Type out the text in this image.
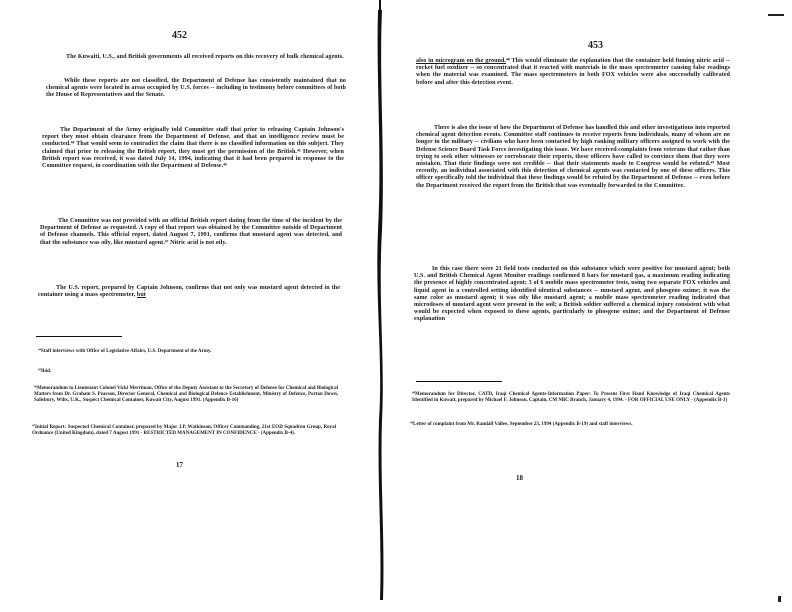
452

The Kuwaiti, U.S., and British governments all received reports on this recovery of bulk chemical agents.

While these reports are not classified, the Department of Defense has consistently maintained that no chemical agents were located in areas occupied by U.S. forces -- including in testimony before committees of both the House of Representatives and the Senate.

The Department of the Army originally told Committee staff that prior to releasing Captain Johnson's report they must obtain clearance from the Department of Defense, and that an intelligence review must be conducted.⁴⁴ That would seem to contradict the claim that there is no classified information on this subject. They claimed that prior to releasing the British report, they must get the permission of the British.⁴⁵ However, when British report was received, it was dated July 14, 1994, indicating that it had been prepared in response to the Committee request, in coordination with the Department of Defense.⁴⁶

The Committee was not provided with an official British report dating from the time of the incident by the Department of Defense as requested. A copy of that report was obtained by the Committee outside of Department of Defense channels. This official report, dated August 7, 1991, confirms that mustard agent was detected, and that the substance was oily, like mustard agent.⁴⁷ Nitric acid is not oily.

The U.S. report, prepared by Captain Johnson, confirms that not only was mustard agent detected in the container using a mass spectrometer, but

⁴⁴Staff interviews with Office of Legislative Affairs, U.S. Department of the Army.

⁴⁵Ibid.

⁴⁶Memorandum to Lieutenant Colonel Vicki Merriman, Office of the Deputy Assistant to the Secretary of Defense for Chemical and Biological Matters from Dr. Graham S. Pearson, Director General, Chemical and Biological Defence Establishment, Ministry of Defence, Porton Down, Salisbury, Wilts, U.K., Suspect Chemical Container, Kuwait City, August 1991. (Appendix B-16)

⁴⁷Initial Report: Suspected Chemical Container, prepared by Major J.P. Watkinson, Officer Commanding, 21st EOD Squadron Group, Royal Ordnance (United Kingdom), dated 7 August 1991 - RESTRICTED MANAGEMENT IN CONFIDENCE - (Appendix B-4).

17
453

also in microgram on the ground.⁴⁸ This would eliminate the explanation that the container held fuming nitric acid -- rocket fuel oxidizer -- so concentrated that it reacted with materials in the mass spectrometer causing false readings when the material was examined. The mass spectrometers in both FOX vehicles were also successfully calibrated before and after this detection event.

There is also the issue of how the Department of Defense has handled this and other investigations into reported chemical agent detection events. Committee staff continues to receive reports from individuals, many of whom are no longer in the military -- civilians who have been contacted by high ranking military officers assigned to work with the Defense Science Board Task Force investigating this issue. We have received complaints from veterans that rather than trying to seek other witnesses or corroborate their reports, these officers have called to convince them that they were mistaken. That their findings were not credible -- that their statements made to Congress would be refuted.⁴⁹ Most recently, an individual associated with this detection of chemical agents was contacted by one of these officers. This officer specifically told the individual that these findings would be refuted by the Department of Defense -- even before the Department received the report from the British that was eventually forwarded to the Committee.

In this case there were 21 field tests conducted on this substance which were positive for mustard agent; both U.S. and British Chemical Agent Monitor readings confirmed 8 bars for mustard gas, a maximum reading indicating the presence of highly concentrated agent; 3 of 6 mobile mass spectrometer tests, using two separate FOX vehicles and liquid agent in a controlled setting identified identical substances -- mustard agent, and phosgene oxime; it was the same color as mustard agent; it was oily like mustard agent; a mobile mass spectrometer reading indicated that microdoses of mustard agent were present in the soil; a British soldier suffered a chemical injury consistent with what would be expected when exposed to these agents, particularly to phosgene oxime; and the Department of Defense explanation

⁴⁸Memorandum for Director, CATD, Iraqi Chemical Agents-Information Paper: To Present First Hand Knowledge of Iraqi Chemical Agents Identified in Kuwait, prepared by Michael F. Johnson, Captain, CM NBC Branch, January 4, 1994. - FOR OFFICIAL USE ONLY - (Appendix B-3)

⁴⁹Letter of complaint from Mr. Randall Vallee, September 23, 1994 (Appendix B-19) and staff interviews.

18
